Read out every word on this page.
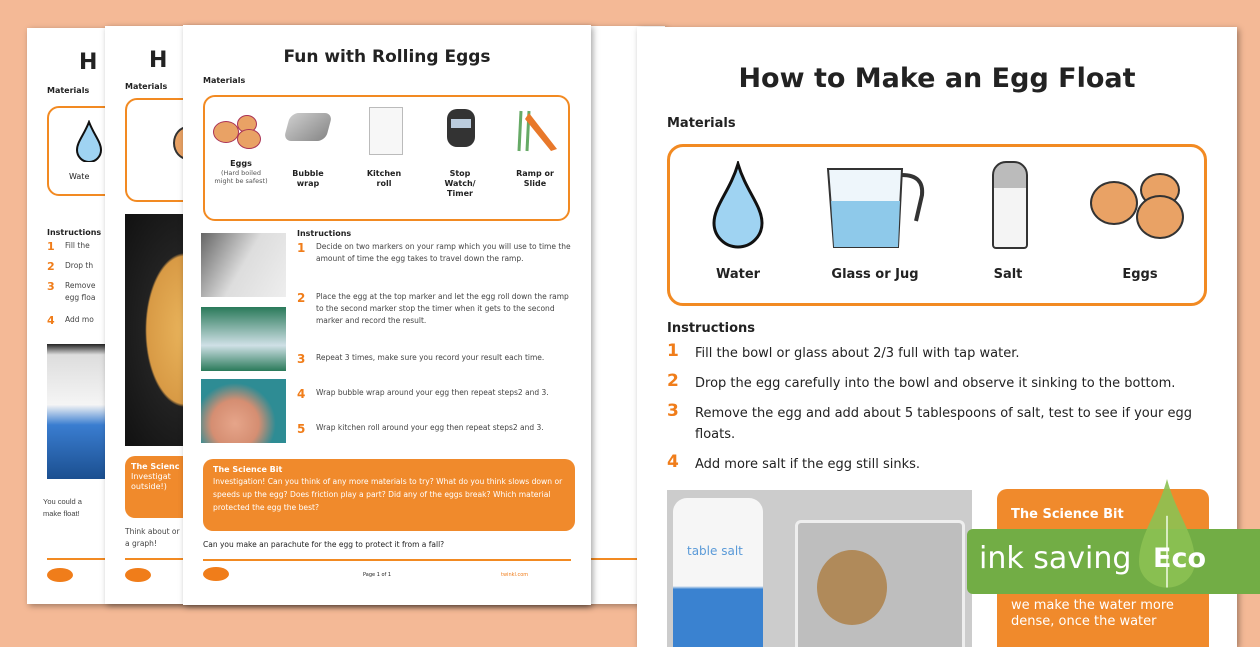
H
Materials
Wate
Instructions
1 Fill the
2 Drop th
3 Remove egg floa
4 Add mo
You could a make float!
H
Materials
The Scienc
Investigat outside!)
Think about or a graph!
Fun with Rolling Eggs
Materials
Eggs
(Hard boiled might be safest)
Bubble wrap
Kitchen roll
Stop Watch/ Timer
Ramp or Slide
Instructions
1 Decide on two markers on your ramp which you will use to time the amount of time the egg takes to travel down the ramp.
2 Place the egg at the top marker and let the egg roll down the ramp to the second marker stop the timer when it gets to the second marker and record the result.
3 Repeat 3 times, make sure you record your result each time.
4 Wrap bubble wrap around your egg then repeat steps2 and 3.
5 Wrap kitchen roll around your egg then repeat steps2 and 3.
The Science Bit
Investigation! Can you think of any more materials to try? What do you think slows down or speeds up the egg? Does friction play a part? Did any of the eggs break? Which material protected the egg the best?
Can you make an parachute for the egg to protect it from a fall?
Page 1 of 1	twinkl.com
How to Make an Egg Float
Materials
Water	Glass or Jug	Salt	Eggs
Instructions
1 Fill the bowl or glass about 2/3 full with tap water.
2 Drop the egg carefully into the bowl and observe it sinking to the bottom.
3 Remove the egg and add about 5 tablespoons of salt, test to see if your egg floats.
4 Add more salt if the egg still sinks.
table salt
The Science Bit
we make the water more dense, once the water
ink saving Eco
